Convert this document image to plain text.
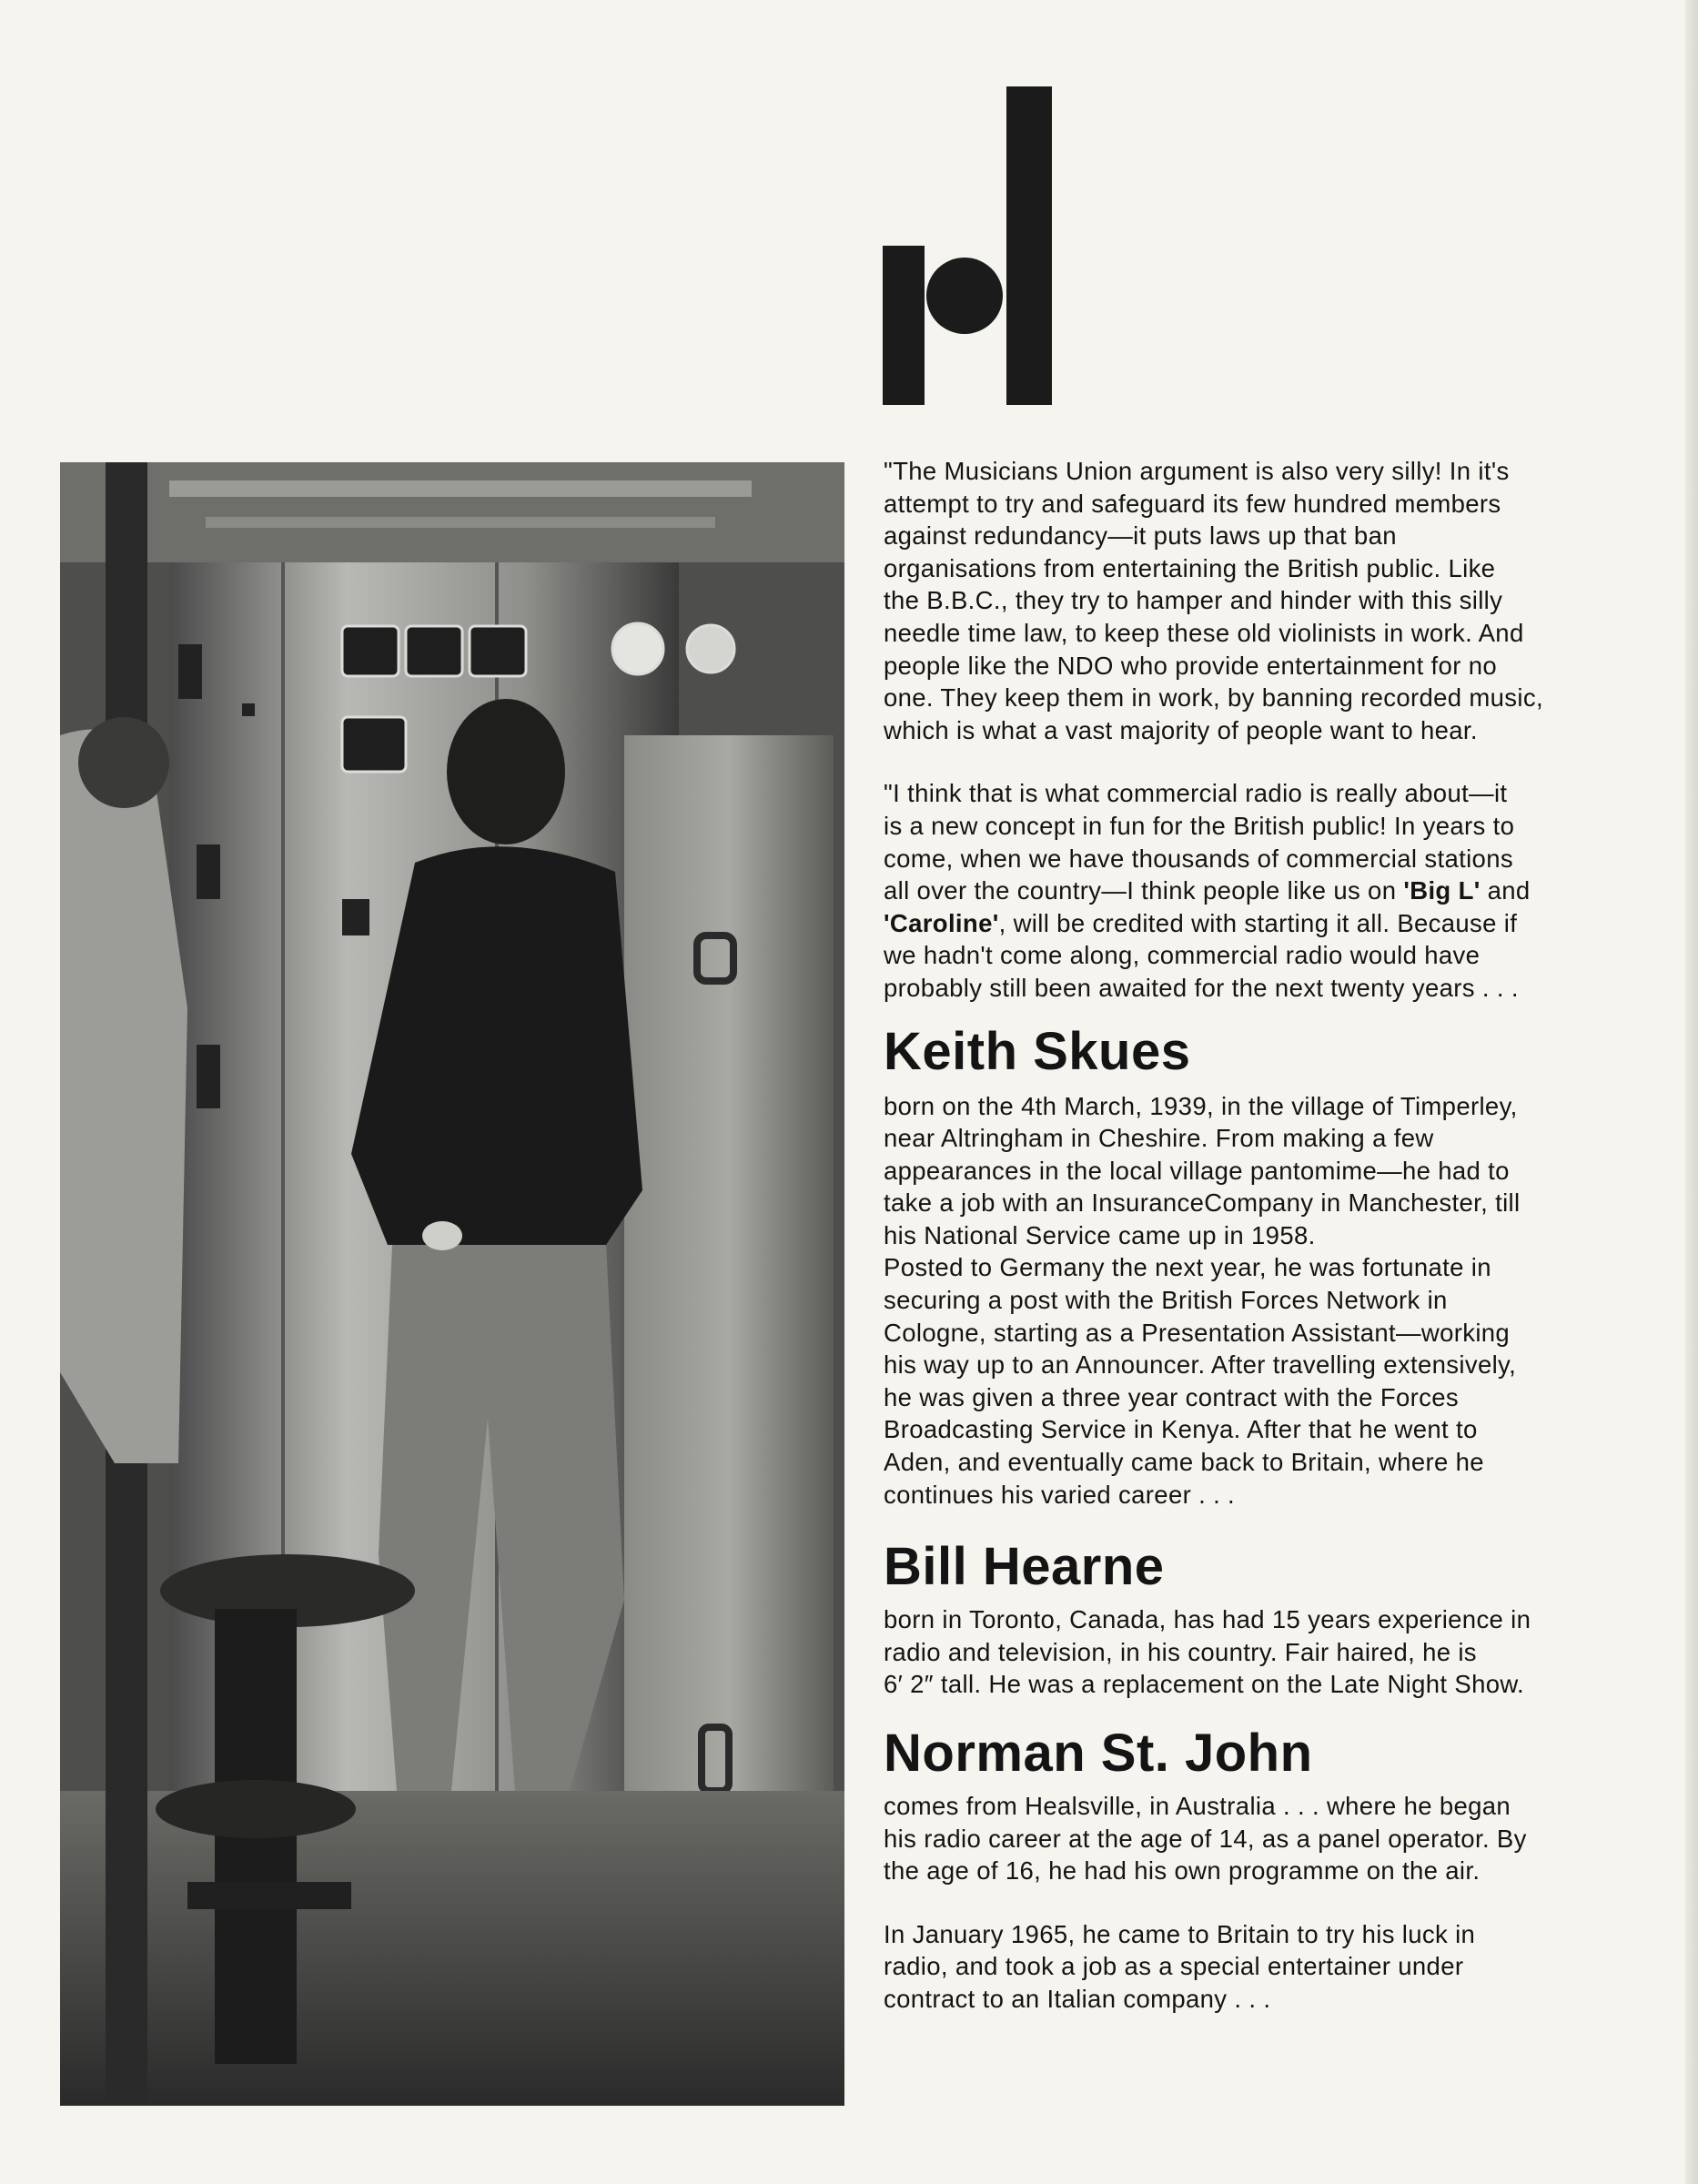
"The Musicians Union argument is also very silly! In it's

attempt to try and safeguard its few hundred members

against redundancy—it puts laws up that ban

organisations from entertaining the British public. Like

the B.B.C., they try to hamper and hinder with this silly

needle time law, to keep these old violinists in work. And

people like the NDO who provide entertainment for no

one. They keep them in work, by banning recorded music,

which is what a vast majority of people want to hear.

"I think that is what commercial radio is really about—it

is a new concept in fun for the British public! In years to

come, when we have thousands of commercial stations

all over the country—I think people like us on 'Big L' and

'Caroline', will be credited with starting it all. Because if

we hadn't come along, commercial radio would have

probably still been awaited for the next twenty years . . .

Keith Skues

born on the 4th March, 1939, in the village of Timperley,

near Altringham in Cheshire. From making a few

appearances in the local village pantomime—he had to

take a job with an InsuranceCompany in Manchester, till

his National Service came up in 1958.

Posted to Germany the next year, he was fortunate in

securing a post with the British Forces Network in

Cologne, starting as a Presentation Assistant—working

his way up to an Announcer. After travelling extensively,

he was given a three year contract with the Forces

Broadcasting Service in Kenya. After that he went to

Aden, and eventually came back to Britain, where he

continues his varied career . . .

Bill Hearne

born in Toronto, Canada, has had 15 years experience in

radio and television, in his country. Fair haired, he is

6′ 2″ tall. He was a replacement on the Late Night Show.

Norman St. John

comes from Healsville, in Australia . . . where he began

his radio career at the age of 14, as a panel operator. By

the age of 16, he had his own programme on the air.

In January 1965, he came to Britain to try his luck in

radio, and took a job as a special entertainer under

contract to an Italian company . . .
